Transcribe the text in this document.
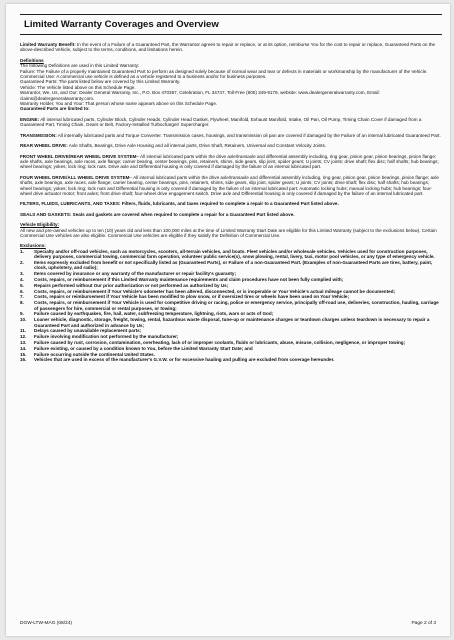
Limited Warranty Coverages and Overview

Limited Warranty Benefit: In the event of a Failure of a Guaranteed Part, the Warrantor agrees to repair or replace, or at its option, reimburse You for the cost to repair or replace, Guaranteed Parts on the above-described Vehicle, subject to the terms, conditions, and limitations herein.

Definitions

The following Definitions are used in this Limited Warranty:

Failure: The Failure of a properly maintained Guaranteed Part to perform as designed solely because of normal wear and tear or defects in materials or workmanship by the manufacturer of the Vehicle.

Commercial Use: A commercial use vehicle is defined as a vehicle registered to a business and/or for business purposes.

Guaranteed Parts: The parts listed below are covered by this Limited Warranty.

Vehicle: The Vehicle listed above on this Schedule Page.

Warrantor, We, Us, and Our: Dealer General Warranty, Inc., P.O. Box 470367, Celebration, FL 34747, Toll-Free (800) 349-9179, website: www.dealergeneralwarranty.com, Email: claims@dealergeneralwarranty.com.

Warranty Holder, You and Your: That person whose name appears above on this Schedule Page.

Guaranteed Parts are limited to:

ENGINE: All internal lubricated parts, Cylinder Block, Cylinder Heads, Cylinder Head Gasket, Flywheel, Manifold, Exhaust Manifold, Intake, Oil Pan, Oil Pump, Timing Chain Cover if damaged from a Guaranteed Part, Timing Chain, Gears or Belt, Factory-Installed Turbocharger/ Supercharger.

TRANSMISSION: All internally lubricated parts and Torque Converter. Transmission cases, housings, and transmission oil pan are covered if damaged by the Failure of an internal lubricated Guaranteed Part.

REAR WHEEL DRIVE: Axle Shafts, Bearings, Drive Axle Housing and all internal parts, Drive Shaft, Retainers, Universal and Constant Velocity Joints.

FRONT WHEEL DRIVE/REAR WHEEL DRIVE SYSTEM– All internal lubricated parts within the drive axle/transaxle and differential assembly including, ring gear, pinion gear, pinion bearings, pinion flange; axle shafts, axle bearings, axle races, axle flange; carrier bearing, center bearings, pins, retainers, shims, side gears, slip joint, spider gears; U joints; CV joints; drive shaft; flex disc; half shafts; hub bearings; wheel bearings; yokes; lock ring; lock nuts. Drive axle and Differential housing is only covered if damaged by the failure of an internal lubricated part.

FOUR WHEEL DRIVE/ALL WHEEL DRIVE SYSTEM– All internal lubricated parts within the drive axle/transaxle and differential assembly including, ring gear, pinion gear, pinion bearings, pinion flange; axle shafts, axle bearings, axle races, axle flange; carrier bearing, center bearings, pins, retainers, shims, side gears, slip joint, spider gears; U joints; CV joints; drive shaft; flex disc; half shafts; hub bearings; wheel bearings; yokes; lock ring; lock nuts and Differential housing is only covered if damaged by the failure of an internal lubricated part; Automatic locking hubs; manual locking hubs; hub bearings; four-wheel drive actuator motor; front axles; front drive shaft; four-wheel drive engagement switch. Drive axle and Differential housing is only covered if damaged by the failure of an internal lubricated part.

FILTERS, FLUIDS, LUBRICANTS, AND TAXES: Filters, fluids, lubricants, and taxes required to complete a repair to a Guaranteed Part listed above.

SEALS AND GASKETS: Seals and gaskets are covered when required to complete a repair for a Guaranteed Part listed above.

Vehicle Eligibility:

All new and pre-owned vehicles up to ten (10) years old and less than 100,000 miles at the time of Limited Warranty Start Date are eligible for this Limited Warranty (subject to the exclusions below). Certain Commercial Use vehicles are also eligible. Commercial Use vehicles are eligible if they satisfy the Definition of Commercial Use.

Exclusions:

1.	Specialty and/or off-road vehicles, such as motorcycles, scooters, all-terrain vehicles, and boats. Fleet vehicles and/or wholesale vehicles. Vehicles used for construction purposes, delivery purposes, commercial towing, commercial farm operation, volunteer public service(s), snow plowing, rental, livery, taxi, motor pool vehicles, or any type of emergency vehicle.
2.	Items expressly excluded from benefit or not specifically listed as (Guaranteed Parts), or Failure of a non-Guaranteed Part. (Examples of non-Guaranteed Parts are tires, battery, paint, clock, upholstery, and radio);
3.	Items covered by insurance or any warranty of the manufacturer or repair facility's guaranty;
4.	Costs, repairs, or reimbursement if this Limited Warranty maintenance requirements and claim procedures have not been fully complied with;
5.	Repairs performed without Our prior authorization or not performed as authorized by Us;
6.	Costs, repairs, or reimbursement if Your Vehicle's odometer has been altered, disconnected, or is inoperable or Your Vehicle's actual mileage cannot be documented;
7.	Costs, repairs or reimbursement if Your Vehicle has been modified to plow snow, or if oversized tires or wheels have been used on Your Vehicle;
8.	Costs, repairs, or reimbursement if Your Vehicle is used for competitive driving or racing, police or emergency service, principally off-road use, deliveries, construction, hauling, carriage of passengers for hire, commercial or rental purposes, or towing;
9.	Failure caused by earthquakes, fire, hail, water, subfreezing temperature, lightning, riots, wars or acts of God;
10.	Loaner vehicle, diagnostic, storage, freight, towing, rental, hazardous waste disposal, tune-up or maintenance charges or teardown charges unless teardown is necessary to repair a Guaranteed Part and authorized in advance by Us;
11.	Delays caused by unavailable replacement parts;
12.	Failure involving modification not performed by the manufacturer;
13.	Failure caused by rust, corrosion, contamination, overheating, lack of or improper coolants, fluids or lubricants, abuse, misuse, collision, negligence, or improper towing;
14.	Failure existing, or caused by a condition known to You, before the Limited Warranty Start Date; and
15.	Failure occurring outside the continental United States.
16.	Vehicles that are used in excess of the manufacturer's G.V.W. or for excessive hauling and pulling are excluded from coverage hereunder.
DGW-LTW-MAG (08/24)	Page 2 of 3
